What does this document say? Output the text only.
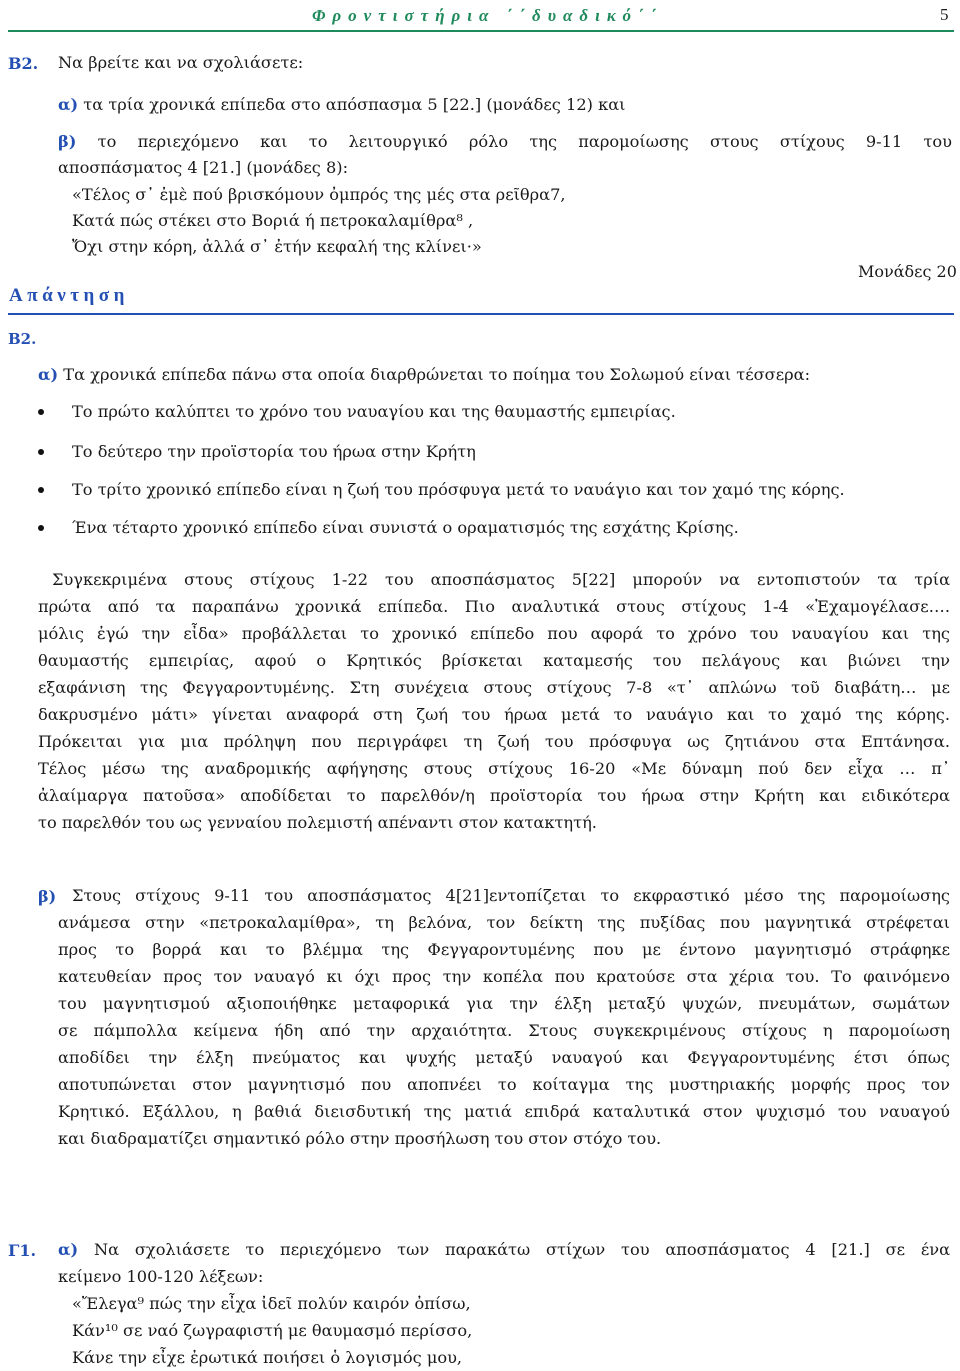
Φροντιστήρια ΄΄δυαδικό΄΄	5
Β2. Να βρείτε και να σχολιάσετε:
α) τα τρία χρονικά επίπεδα στο απόσπασμα 5 [22.] (μονάδες 12) και
β) το περιεχόμενο και το λειτουργικό ρόλο της παρομοίωσης στους στίχους 9-11 του
αποσπάσματος 4 [21.] (μονάδες 8):
«Τέλος σ᾽ ἐμὲ πού βρισκόμουν ὀμπρός της μές στα ρεῖθρα7,
Κατά πώς στέκει στο Βοριά ή πετροκαλαμίθρα⁸ ,
Ὄχι στην κόρη, ἀλλά σ᾽ ἐτήν κεφαλή της κλίνει·»
Μονάδες 20
Απάντηση
Β2.
α) Τα χρονικά επίπεδα πάνω στα οποία διαρθρώνεται το ποίημα του Σολωμού είναι τέσσερα:
Το πρώτο καλύπτει το χρόνο του ναυαγίου και της θαυμαστής εμπειρίας.
Το δεύτερο την προϊστορία του ήρωα στην Κρήτη
Το τρίτο χρονικό επίπεδο είναι η ζωή του πρόσφυγα μετά το ναυάγιο και τον χαμό της κόρης.
Ένα τέταρτο χρονικό επίπεδο είναι συνιστά ο οραματισμός της εσχάτης Κρίσης.
Συγκεκριμένα στους στίχους 1-22 του αποσπάσματος 5[22] μπορούν να εντοπιστούν τα τρία
πρώτα από τα παραπάνω χρονικά επίπεδα. Πιο αναλυτικά στους στίχους 1-4 «Ἐχαμογέλασε….
μόλις ἐγώ την εἶδα» προβάλλεται το χρονικό επίπεδο που αφορά το χρόνο του ναυαγίου και της
θαυμαστής εμπειρίας, αφού ο Κρητικός βρίσκεται καταμεσής του πελάγους και βιώνει την
εξαφάνιση της Φεγγαροντυμένης. Στη συνέχεια στους στίχους 7-8 «τ᾽ απλώνω τοῦ διαβάτη… με
δακρυσμένο μάτι» γίνεται αναφορά στη ζωή του ήρωα μετά το ναυάγιο και το χαμό της κόρης.
Πρόκειται για μια πρόληψη που περιγράφει τη ζωή του πρόσφυγα ως ζητιάνου στα Επτάνησα.
Τέλος μέσω της αναδρομικής αφήγησης στους στίχους 16-20 «Με δύναμη πού δεν εἶχα … π᾽
ἀλαίμαργα πατοῦσα» αποδίδεται το παρελθόν/η προϊστορία του ήρωα στην Κρήτη και ειδικότερα
το παρελθόν του ως γενναίου πολεμιστή απέναντι στον κατακτητή.
β) Στους στίχους 9-11 του αποσπάσματος 4[21]εντοπίζεται το εκφραστικό μέσο της παρομοίωσης
ανάμεσα στην «πετροκαλαμίθρα», τη βελόνα, τον δείκτη της πυξίδας που μαγνητικά στρέφεται
προς το βορρά και το βλέμμα της Φεγγαροντυμένης που με έντονο μαγνητισμό στράφηκε
κατευθείαν προς τον ναυαγό κι όχι προς την κοπέλα που κρατούσε στα χέρια του. Το φαινόμενο
του μαγνητισμού αξιοποιήθηκε μεταφορικά για την έλξη μεταξύ ψυχών, πνευμάτων, σωμάτων
σε πάμπολλα κείμενα ήδη από την αρχαιότητα. Στους συγκεκριμένους στίχους η παρομοίωση
αποδίδει την έλξη πνεύματος και ψυχής μεταξύ ναυαγού και Φεγγαροντυμένης έτσι όπως
αποτυπώνεται στον μαγνητισμό που αποπνέει το κοίταγμα της μυστηριακής μορφής προς τον
Κρητικό. Εξάλλου, η βαθιά διεισδυτική της ματιά επιδρά καταλυτικά στον ψυχισμό του ναυαγού
και διαδραματίζει σημαντικό ρόλο στην προσήλωση του στον στόχο του.
Γ1. α) Να σχολιάσετε το περιεχόμενο των παρακάτω στίχων του αποσπάσματος 4 [21.] σε ένα
κείμενο 100-120 λέξεων:
«Ἔλεγα⁹ πώς την εἶχα ἰδεῖ πολύν καιρόν ὀπίσω,
Κάν¹⁰ σε ναό ζωγραφιστή με θαυμασμό περίσσο,
Κάνε την εἶχε ἐρωτικά ποιήσει ὁ λογισμός μου,
